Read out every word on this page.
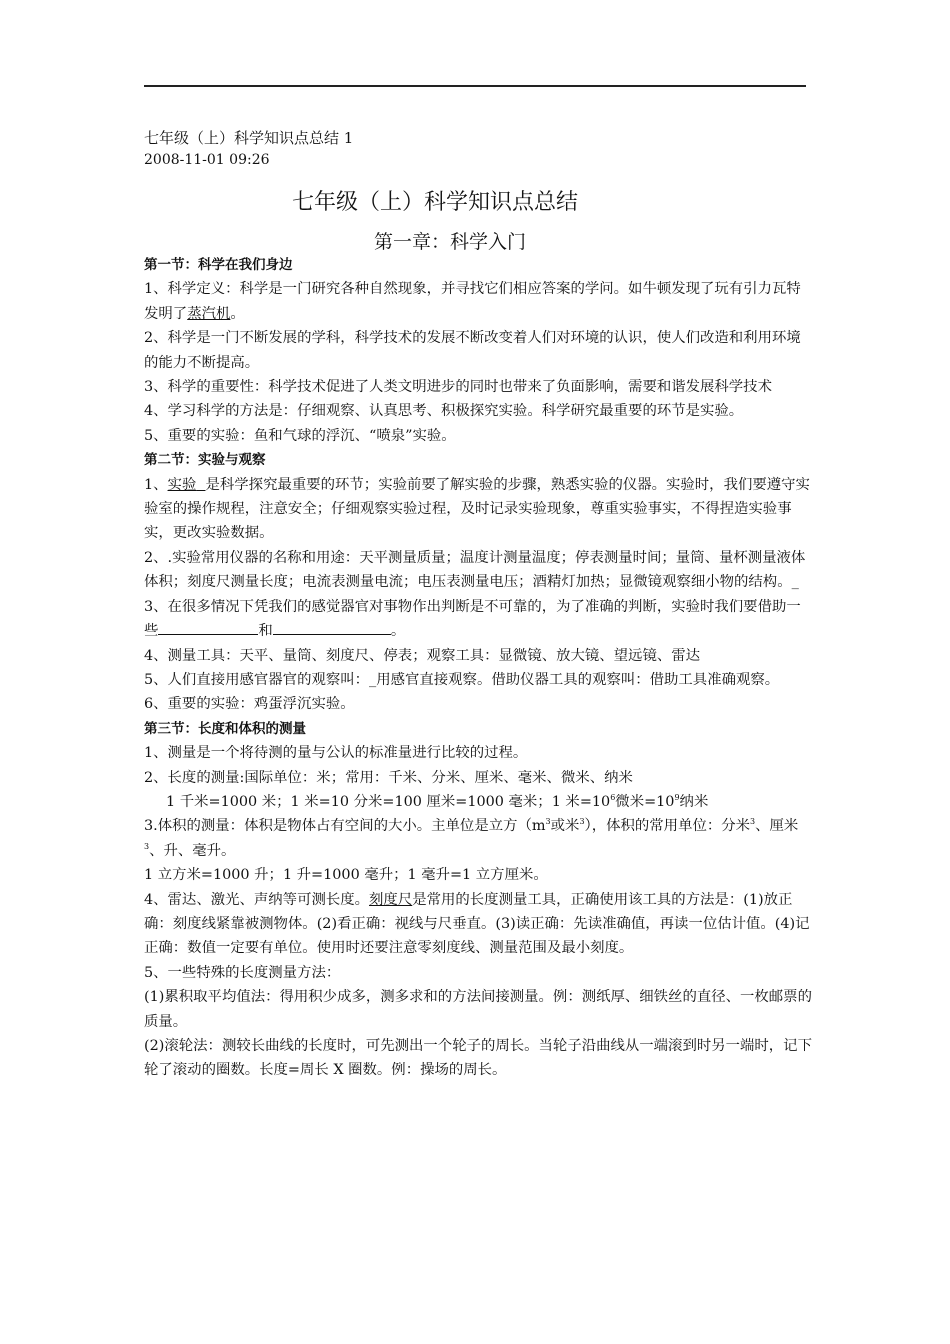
七年级（上）科学知识点总结 1
2008-11-01 09:26
七年级（上）科学知识点总结
第一章：科学入门

第一节：科学在我们身边

1、科学定义：科学是一门研究各种自然现象，并寻找它们相应答案的学问。如牛顿发现了玩有引力瓦特发明了蒸汽机。

2、科学是一门不断发展的学科，科学技术的发展不断改变着人们对环境的认识，使人们改造和利用环境的能力不断提高。

3、科学的重要性：科学技术促进了人类文明进步的同时也带来了负面影响，需要和谐发展科学技术

4、学习科学的方法是：仔细观察、认真思考、积极探究实验。科学研究最重要的环节是实验。

5、重要的实验：鱼和气球的浮沉、“喷泉”实验。

第二节：实验与观察

1、实验 是科学探究最重要的环节；实验前要了解实验的步骤，熟悉实验的仪器。实验时，我们要遵守实验室的操作规程，注意安全；仔细观察实验过程，及时记录实验现象，尊重实验事实，不得捏造实验事实，更改实验数据。

2、.实验常用仪器的名称和用途：天平测量质量；温度计测量温度；停表测量时间；量筒、量杯测量液体体积；刻度尺测量长度；电流表测量电流；电压表测量电压；酒精灯加热；显微镜观察细小物的结构。_

3、在很多情况下凭我们的感觉器官对事物作出判断是不可靠的，为了准确的判断，实验时我们要借助一些	和	。

4、测量工具：天平、量筒、刻度尺、停表；观察工具：显微镜、放大镜、望远镜、雷达

5、人们直接用感官器官的观察叫：_用感官直接观察。借助仪器工具的观察叫：借助工具准确观察。

6、重要的实验：鸡蛋浮沉实验。

第三节：长度和体积的测量

1、测量是一个将待测的量与公认的标准量进行比较的过程。

2、长度的测量:国际单位：米；常用：千米、分米、厘米、毫米、微米、纳米

1 千米=1000 米；1 米=10 分米=100 厘米=1000 毫米；1 米$=10^6$微米$=10^9$纳米

3.体积的测量：体积是物体占有空间的大小。主单位是立方（$m^3$或米$^3$），体积的常用单位：分米$^3$、厘米$^3$、升、毫升。

1 立方米=1000 升；1 升=1000 毫升；1 毫升=1 立方厘米。

4、雷达、激光、声纳等可测长度。刻度尺是常用的长度测量工具，正确使用该工具的方法是：(1)放正确：刻度线紧靠被测物体。(2)看正确：视线与尺垂直。(3)读正确：先读准确值，再读一位估计值。(4)记正确：数值一定要有单位。使用时还要注意零刻度线、测量范围及最小刻度。

5、一些特殊的长度测量方法：

(1)累积取平均值法：得用积少成多，测多求和的方法间接测量。例：测纸厚、细铁丝的直径、一枚邮票的质量。

(2)滚轮法：测较长曲线的长度时，可先测出一个轮子的周长。当轮子沿曲线从一端滚到时另一端时，记下轮了滚动的圈数。长度=周长 X 圈数。例：操场的周长。
